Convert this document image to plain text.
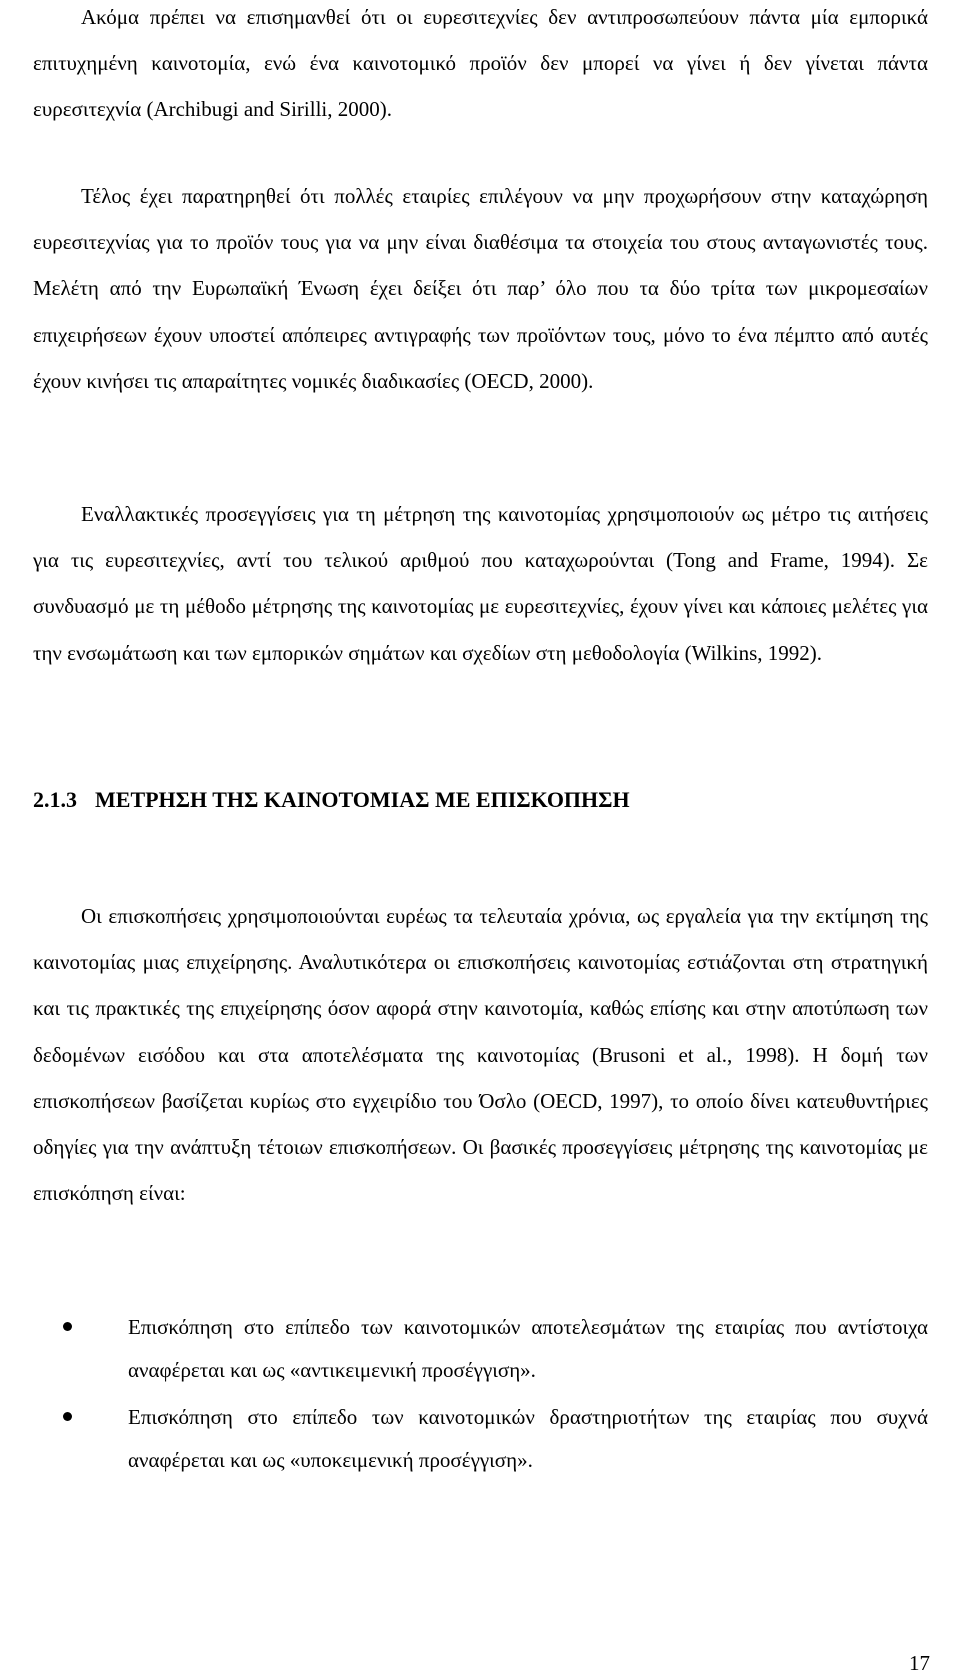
Ακόμα πρέπει να επισημανθεί ότι οι ευρεσιτεχνίες δεν αντιπροσωπεύουν πάντα μία εμπορικά επιτυχημένη καινοτομία, ενώ ένα καινοτομικό προϊόν δεν μπορεί να γίνει ή δεν γίνεται πάντα ευρεσιτεχνία (Archibugi and Sirilli, 2000).

Τέλος έχει παρατηρηθεί ότι πολλές εταιρίες επιλέγουν να μην προχωρήσουν στην καταχώρηση ευρεσιτεχνίας για το προϊόν τους για να μην είναι διαθέσιμα τα στοιχεία του στους ανταγωνιστές τους. Μελέτη από την Ευρωπαϊκή Ένωση έχει δείξει ότι παρ’ όλο που τα δύο τρίτα των μικρομεσαίων επιχειρήσεων έχουν υποστεί απόπειρες αντιγραφής των προϊόντων τους, μόνο το ένα πέμπτο από αυτές έχουν κινήσει τις απαραίτητες νομικές διαδικασίες (OECD, 2000).

Εναλλακτικές προσεγγίσεις για τη μέτρηση της καινοτομίας χρησιμοποιούν ως μέτρο τις αιτήσεις για τις ευρεσιτεχνίες, αντί του τελικού αριθμού που καταχωρούνται (Tong and Frame, 1994). Σε συνδυασμό με τη μέθοδο μέτρησης της καινοτομίας με ευρεσιτεχνίες, έχουν γίνει και κάποιες μελέτες για την ενσωμάτωση και των εμπορικών σημάτων και σχεδίων στη μεθοδολογία (Wilkins, 1992).

2.1.3 ΜΕΤΡΗΣΗ ΤΗΣ ΚΑΙΝΟΤΟΜΙΑΣ ΜΕ ΕΠΙΣΚΟΠΗΣΗ

Οι επισκοπήσεις χρησιμοποιούνται ευρέως τα τελευταία χρόνια, ως εργαλεία για την εκτίμηση της καινοτομίας μιας επιχείρησης. Αναλυτικότερα οι επισκοπήσεις καινοτομίας εστιάζονται στη στρατηγική και τις πρακτικές της επιχείρησης όσον αφορά στην καινοτομία, καθώς επίσης και στην αποτύπωση των δεδομένων εισόδου και στα αποτελέσματα της καινοτομίας (Brusoni et al., 1998). Η δομή των επισκοπήσεων βασίζεται κυρίως στο εγχειρίδιο του Όσλο (OECD, 1997), το οποίο δίνει κατευθυντήριες οδηγίες για την ανάπτυξη τέτοιων επισκοπήσεων. Οι βασικές προσεγγίσεις μέτρησης της καινοτομίας με επισκόπηση είναι:

Επισκόπηση στο επίπεδο των καινοτομικών αποτελεσμάτων της εταιρίας που αντίστοιχα αναφέρεται και ως «αντικειμενική προσέγγιση».
Επισκόπηση στο επίπεδο των καινοτομικών δραστηριοτήτων της εταιρίας που συχνά αναφέρεται και ως «υποκειμενική προσέγγιση».
17
